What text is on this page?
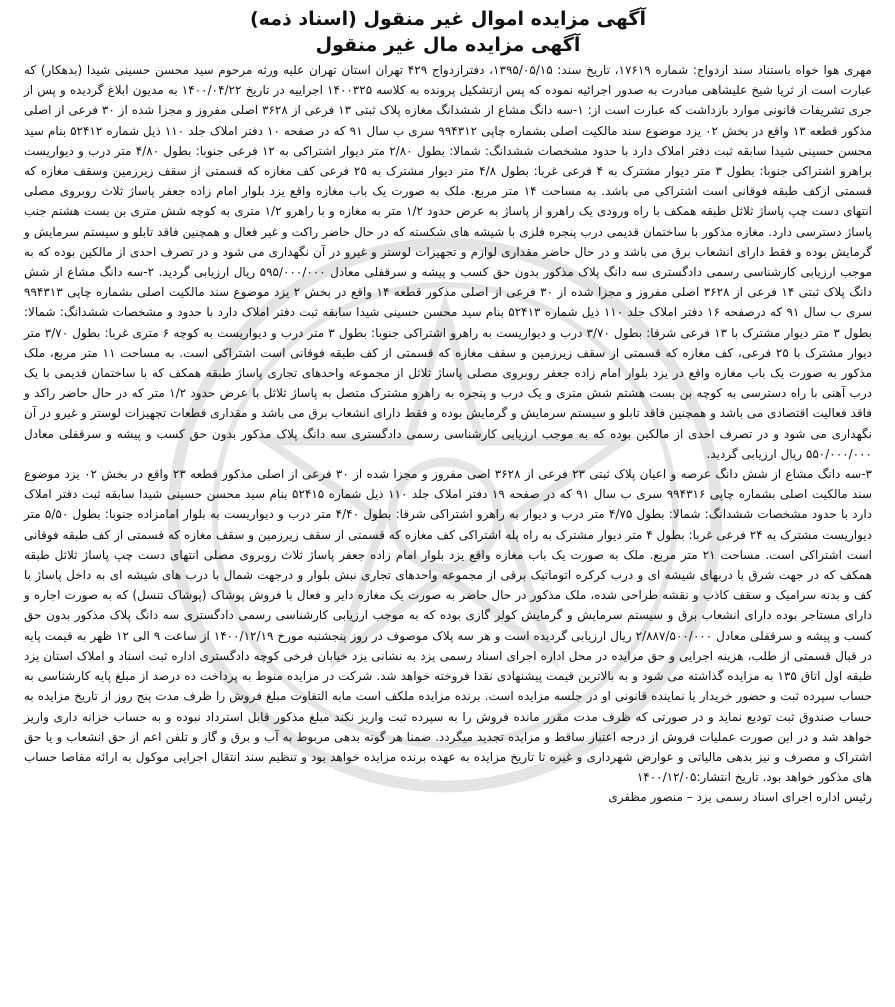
آگهی مزایده اموال غیر منقول (اسناد ذمه)

آگهی مزایده مال غیر منقول

مهری هوا خواه باستناد سند ازدواج: شماره ۱۷۶۱۹، تاریخ سند: ۱۳۹۵/۰۵/۱۵، دفترازدواج ۴۲۹ تهران استان تهران علیه ورثه مرحوم سید محسن حسینی شیدا (بدهکار) که عبارت است از ثریا شیخ علیشاهی مبادرت به صدور اجرائیه نموده که پس ازتشکیل پرونده به کلاسه ۱۴۰۰۳۲۵ اجراییه در تاریخ ۱۴۰۰/۰۴/۲۲ به مدیون ابلاغ گردیده و پس از جری تشریفات قانونی موارد بازداشت که عبارت است از: ۱-سه دانگ مشاع از ششدانگ مغازه پلاک ثبتی ۱۳ فرعی از ۳۶۲۸ اصلی مفروز و مجزا شده از ۳۰ فرعی از اصلی مذکور قطعه ۱۳ واقع در بخش ۰۲ یزد موضوع سند مالکیت اصلی بشماره چاپی ۹۹۴۳۱۲ سری ب سال ۹۱ که در صفحه ۱۰ دفتر املاک جلد ۱۱۰ ذیل شماره ۵۲۴۱۲ بنام سید محسن حسینی شیدا سابقه ثبت دفتر املاک دارد با حدود مشخصات ششدانگ: شمالا: بطول ۲/۸۰ متر دیوار اشتراکی به ۱۲ فرعی جنوبا: بطول ۴/۸۰ متر درب و دیواریست براهرو اشتراکی جنوبا: بطول ۳ متر دیوار مشترک به ۴ فرعی غربا: بطول ۴/۸ متر دیوار مشترک به ۲۵ فرعی کف مغازه که قسمتی از سقف زیرزمین وسقف مغازه که قسمتی ازکف طبقه فوقانی است اشتراکی می باشد. به مساحت ۱۴ متر مربع. ملک به صورت یک باب مغازه واقع یزد بلوار امام زاده جعفر پاساژ ثلاث روبروی مصلی انتهای دست چپ پاساژ ثلاثل طبقه همکف با راه ورودی یک راهرو از پاساژ به عرض حدود ۱/۲ متر به مغازه و با راهرو ۱/۲ متری به کوچه شش متری بن بست هشتم جنب پاساژ دسترسی دارد. مغازه مذکور با ساختمان قدیمی درب پنجره فلزی با شیشه های شکسته که در حال حاضر راکت و غیر فعال و همچنین فاقد تابلو و سیستم سرمایش و گرمایش بوده و فقط دارای انشعاب برق می باشد و در حال حاضر مقداری لوازم و تجهیزات لوستر و غیرو در آن نگهداری می شود و در تصرف احدی از مالکین بوده که به موجب ارزیابی کارشناسی رسمی دادگستری سه دانگ پلاک مذکور بدون حق کسب و پیشه و سرقفلی معادل ۵۹۵/۰۰۰/۰۰۰ ریال ارزیابی گردید. ۲-سه دانگ مشاع از شش دانگ پلاک ثبتی ۱۴ فرعی از ۳۶۲۸ اصلی مفروز و مجزا شده از ۳۰ فرعی از اصلی مذکور قطعه ۱۴ واقع در بخش ۲ یزد موضوع سند مالکیت اصلی بشماره چاپی ۹۹۴۳۱۳ سری ب سال ۹۱ که درصفحه ۱۶ دفتر املاک جلد ۱۱۰ ذیل شماره ۵۲۴۱۳ بنام سید محسن حسینی شیدا سابقه ثبت دفتر املاک دارد با حدود و مشخصات ششدانگ: شمالا: بطول ۳ متر دیوار مشترک با ۱۳ فرعی شرقا: بطول ۳/۷۰ درب و دیواریست به راهرو اشتراکی جنوبا: بطول ۳ متر درب و دیواریست به کوچه ۶ متری غربا: بطول ۳/۷۰ متر دیوار مشترک با ۲۵ فرعی، کف مغازه که قسمتی از سقف زیرزمین و سقف مغازه که قسمتی از کف طبقه فوقانی است اشتراکی است. به مساحت ۱۱ متر مربع، ملک مذکور به صورت یک باب مغازه واقع در یزد بلوار امام زاده جعفر روبروی مصلی پاساژ ثلاثل از مجموعه واحدهای تجاری پاساژ طبقه همکف که با ساختمان قدیمی با یک درب آهنی با راه دسترسی به کوچه بن بست هشتم شش متری و یک درب و پنجره به راهرو مشترک متصل به پاساژ ثلاثل با عرض حدود ۱/۲ متر که در حال حاضر راکد و فاقد فعالیت اقتصادی می باشد و همچنین فاقد تابلو و سیستم سرمایش و گرمایش بوده و فقط دارای انشعاب برق می باشد و مقداری قطعات تجهیزات لوستر و غیرو در آن نگهداری می شود و در تصرف احدی از مالکین بوده که به موجب ارزیابی کارشناسی رسمی دادگستری سه دانگ پلاک مذکور بدون حق کسب و پیشه و سرقفلی معادل ۵۵۰/۰۰۰/۰۰۰ ریال ارزیابی گردید.

۳-سه دانگ مشاع از شش دانگ عرصه و اعیان پلاک ثبتی ۲۳ فرعی از ۳۶۲۸ اصی مفروز و مجزا شده از ۳۰ فرعی از اصلی مذکور قطعه ۲۳ واقع در بخش ۰۲ یزد موضوع سند مالکیت اصلی بشماره چاپی ۹۹۴۳۱۶ سری ب سال ۹۱ که در صفحه ۱۹ دفتر املاک جلد ۱۱۰ ذیل شماره ۵۲۴۱۵ بنام سید محسن حسینی شیدا سابقه ثبت دفتر املاک دارد با حدود مشخصات ششدانگ: شمالا: بطول ۴/۷۵ متر درب و دیوار به راهرو اشتراکی شرقا: بطول ۴/۴۰ متر درب و دیواریست به بلوار امامزاده جنوبا: بطول ۵/۵۰ متر دیواریست مشترک به ۲۴ فرعی غربا: بطول ۴ متر دیوار مشترک به راه پله اشتراکی کف مغازه که قسمتی از سقف زیرزمین و سقف مغازه که قسمتی از کف طبقه فوقانی است اشتراکی است. مساحت ۲۱ متر مربع. ملک به صورت یک باب مغازه واقع یزد بلوار امام زاده جعفر پاساژ ثلاث روبروی مصلی انتهای دست چپ پاساژ ثلاثل طبقه همکف که در جهت شرق با دربهای شیشه ای و درب کرکره اتوماتیک برقی از مجموعه واحدهای تجاری نبش بلوار و درجهت شمال با درب های شیشه ای به داخل پاساژ با کف و بدنه سرامیک و سقف کاذب و نقشه طراحی شده، ملک مذکور در حال حاضر به صورت یک مغازه دایر و فعال با فروش پوشاک (پوشاک تنسل) که به صورت اجاره و دارای مستاجر بوده دارای انشعاب برق و سیستم سرمایش و گرمایش کولر گازی بوده که به موجب ارزیابی کارشناسی رسمی دادگستری سه دانگ پلاک مذکور بدون حق کسب و پیشه و سرقفلی معادل ۲/۸۸۷/۵۰۰/۰۰۰ ریال ارزیابی گردیده است و هر سه پلاک موصوف در روز پنجشنبه مورخ ۱۴۰۰/۱۲/۱۹ از ساعت ۹ الی ۱۲ ظهر به قیمت پایه در قبال قسمتی از طلب، هزینه اجرایی و حق مزایده در محل اداره اجرای اسناد رسمی یزد به نشانی یزد خیابان فرخی کوچه دادگستری اداره ثبت اسناد و املاک استان یزد طبقه اول اتاق ۱۳۵ به مزایده گذاشته می شود و به بالاترین قیمت پیشنهادی نقدا فروخته خواهد شد. شرکت در مزایده منوط به پرداخت ده درصد از مبلغ پایه کارشناسی به حساب سپرده ثبت و حضور خریدار یا نماینده قانونی او در جلسه مزایده است. برنده مزایده ملکف است مابه التفاوت مبلغ فروش را ظرف مدت پنج روز از تاریخ مزایده به حساب صندوق ثبت تودیع نماید و در صورتی که ظرف مدت مقرر مانده فروش را به سپرده ثبت واریز نکند مبلغ مذکور قابل استرداد نبوده و به حساب خزانه داری واریز خواهد شد و در این صورت عملیات فروش از درجه اعتبار ساقط و مزایده تجدید میگردد. ضمنا هر گونه بدهی مربوط به آب و برق و گاز و تلفن اعم از حق انشعاب و یا حق اشتراک و مصرف و نیز بدهی مالیاتی و عوارض شهرداری و غیره تا تاریخ مزایده به عهده برنده مزایده خواهد بود و تنظیم سند انتقال اجرایی موکول به ارائه مفاصا حساب های مذکور خواهد بود. تاریخ انتشار:۱۴۰۰/۱۲/۰۵

رئیس اداره اجرای اسناد رسمی یزد – منصور مظفری
